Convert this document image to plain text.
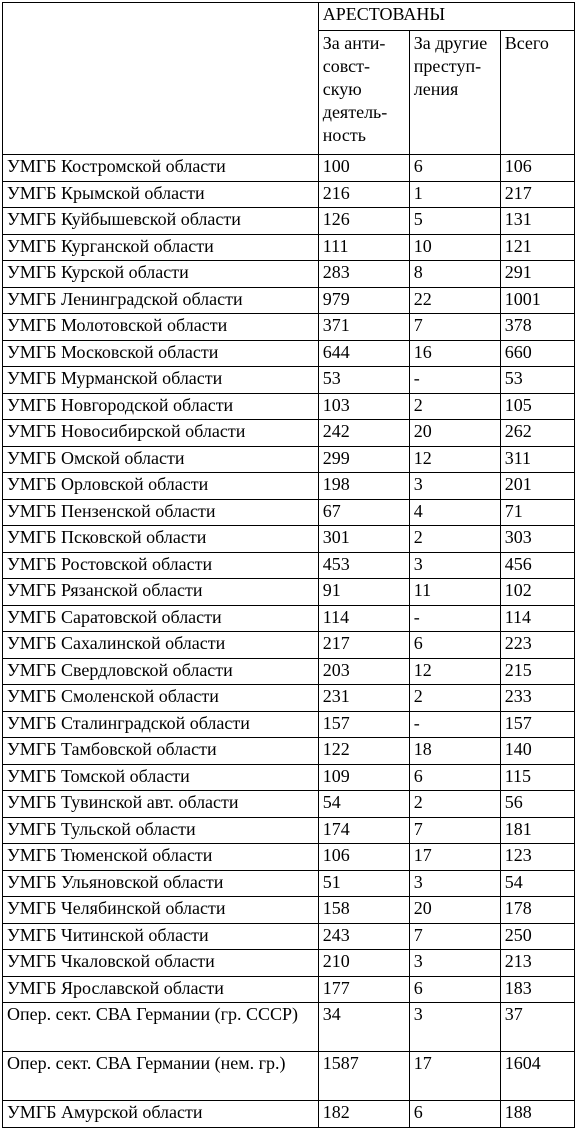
	АРЕСТОВАНЫ		
	За анти- совст- скую деятель- ность	За другие преступ- ления	Всего
УМГБ Костромской области	100	6	106
УМГБ Крымской области	216	1	217
УМГБ Куйбышевской области	126	5	131
УМГБ Курганской области	111	10	121
УМГБ Курской области	283	8	291
УМГБ Ленинградской области	979	22	1001
УМГБ Молотовской области	371	7	378
УМГБ Московской области	644	16	660
УМГБ Мурманской области	53	-	53
УМГБ Новгородской области	103	2	105
УМГБ Новосибирской области	242	20	262
УМГБ Омской области	299	12	311
УМГБ Орловской области	198	3	201
УМГБ Пензенской области	67	4	71
УМГБ Псковской области	301	2	303
УМГБ Ростовской области	453	3	456
УМГБ Рязанской области	91	11	102
УМГБ Саратовской области	114	-	114
УМГБ Сахалинской области	217	6	223
УМГБ Свердловской области	203	12	215
УМГБ Смоленской области	231	2	233
УМГБ Сталинградской области	157	-	157
УМГБ Тамбовской области	122	18	140
УМГБ Томской области	109	6	115
УМГБ Тувинской авт. области	54	2	56
УМГБ Тульской области	174	7	181
УМГБ Тюменской области	106	17	123
УМГБ Ульяновской области	51	3	54
УМГБ Челябинской области	158	20	178
УМГБ Читинской области	243	7	250
УМГБ Чкаловской области	210	3	213
УМГБ Ярославской области	177	6	183
Опер. сект. СВА Германии (гр. СССР)	34	3	37
Опер. сект. СВА Германии (нем. гр.)	1587	17	1604
УМГБ Амурской области	182	6	188
